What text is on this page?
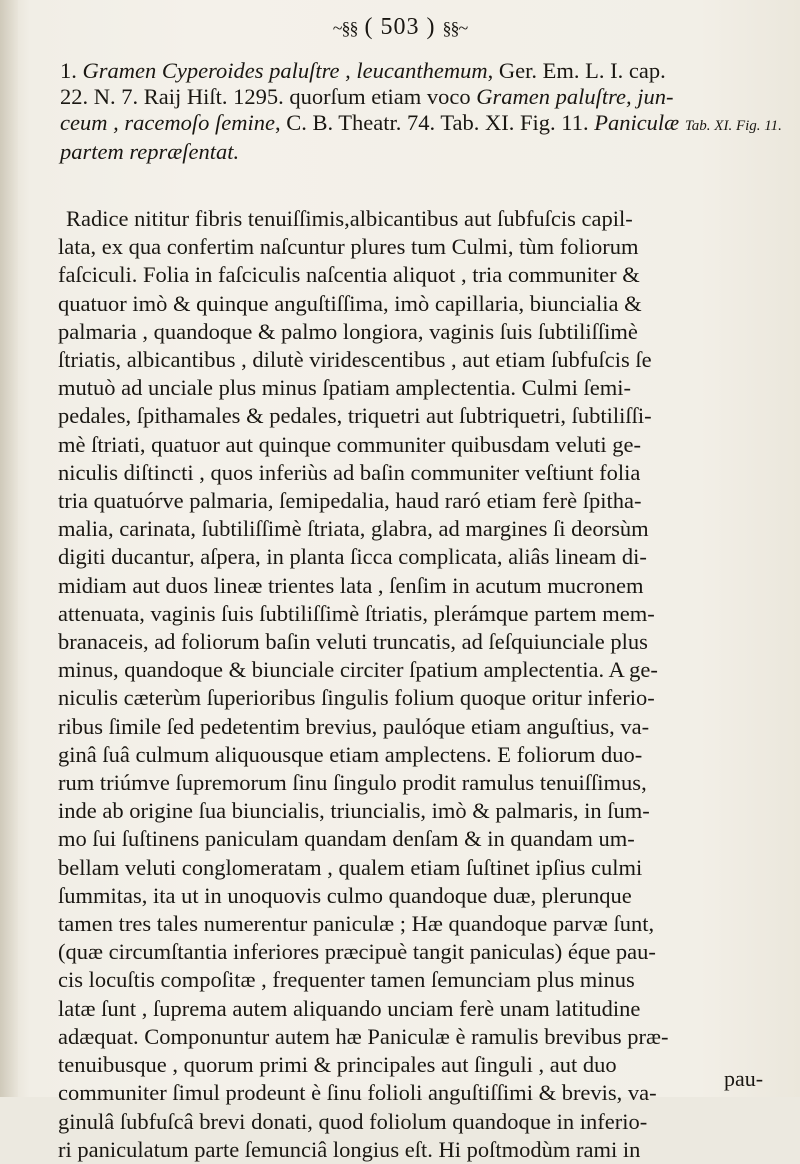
~§§ ( 503 ) §§~
1. Gramen Cyperoides paluſtre , leucanthemum, Ger. Em. L. I. cap.
22. N. 7. Raij Hiſt. 1295. quorſum etiam voco Gramen paluſtre, jun-
ceum , racemoſo ſemine, C. B. Theatr. 74. Tab. XI. Fig. 11. Paniculæ Tab. XI. Fig. 11.
partem repræſentat.
Radice nititur fibris tenuiſſimis,albicantibus aut ſubfuſcis capil-
lata, ex qua confertim naſcuntur plures tum Culmi, tùm foliorum
faſciculi. Folia in faſciculis naſcentia aliquot , tria communiter &
quatuor imò & quinque anguſtiſſima, imò capillaria, biuncialia &
palmaria , quandoque & palmo longiora, vaginis ſuis ſubtiliſſimè
ſtriatis, albicantibus , dilutè viridescentibus , aut etiam ſubfuſcis ſe
mutuò ad unciale plus minus ſpatiam amplectentia. Culmi ſemi-
pedales, ſpithamales & pedales, triquetri aut ſubtriquetri, ſubtiliſſi-
mè ſtriati, quatuor aut quinque communiter quibusdam veluti ge-
niculis diſtincti , quos inferiùs ad baſin communiter veſtiunt folia
tria quatuórve palmaria, ſemipedalia, haud raró etiam ferè ſpitha-
malia, carinata, ſubtiliſſimè ſtriata, glabra, ad margines ſi deorsùm
digiti ducantur, aſpera, in planta ſicca complicata, aliâs lineam di-
midiam aut duos lineæ trientes lata , ſenſim in acutum mucronem
attenuata, vaginis ſuis ſubtiliſſimè ſtriatis, plerámque partem mem-
branaceis, ad foliorum baſin veluti truncatis, ad ſeſquiunciale plus
minus, quandoque & biunciale circiter ſpatium amplectentia. A ge-
niculis cæterùm ſuperioribus ſingulis folium quoque oritur inferio-
ribus ſimile ſed pedetentim brevius, paulóque etiam anguſtius, va-
ginâ ſuâ culmum aliquousque etiam amplectens. E foliorum duo-
rum triúmve ſupremorum ſinu ſingulo prodit ramulus tenuiſſimus,
inde ab origine ſua biuncialis, triuncialis, imò & palmaris, in ſum-
mo ſui ſuſtinens paniculam quandam denſam & in quandam um-
bellam veluti conglomeratam , qualem etiam ſuſtinet ipſius culmi
ſummitas, ita ut in unoquovis culmo quandoque duæ, plerunque
tamen tres tales numerentur paniculæ ; Hæ quandoque parvæ ſunt,
(quæ circumſtantia inferiores præcipuè tangit paniculas) éque pau-
cis locuſtis compoſitæ , frequenter tamen ſemunciam plus minus
latæ ſunt , ſuprema autem aliquando unciam ferè unam latitudine
adæquat. Componuntur autem hæ Paniculæ è ramulis brevibus præ-
tenuibusque , quorum primi & principales aut ſinguli , aut duo
communiter ſimul prodeunt è ſinu folioli anguſtiſſimi & brevis, va-
ginulâ ſubfuſcâ brevi donati, quod foliolum quandoque in inferio-
ri paniculatum parte ſemunciâ longius eſt. Hi poſtmodùm rami in
pau-
